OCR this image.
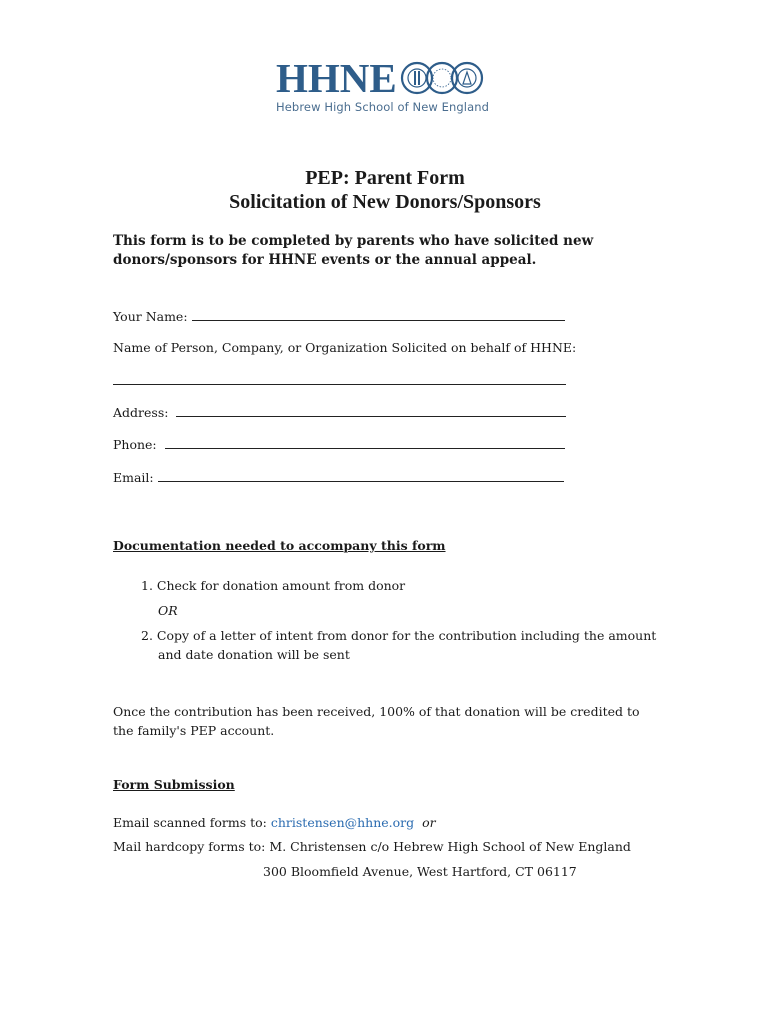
HHNE
Hebrew High School of New England
PEP: Parent Form
Solicitation of New Donors/Sponsors
This form is to be completed by parents who have solicited new donors/sponsors for HHNE events or the annual appeal.
Your Name:
Name of Person, Company, or Organization Solicited on behalf of HHNE:
Address:
Phone:
Email:
Documentation needed to accompany this form
1. Check for donation amount from donor
OR
2. Copy of a letter of intent from donor for the contribution including the amount
and date donation will be sent
Once the contribution has been received, 100% of that donation will be credited to the family's PEP account.
Form Submission
Email scanned forms to: christensen@hhne.org or
Mail hardcopy forms to: M. Christensen c/o Hebrew High School of New England
300 Bloomfield Avenue, West Hartford, CT 06117
